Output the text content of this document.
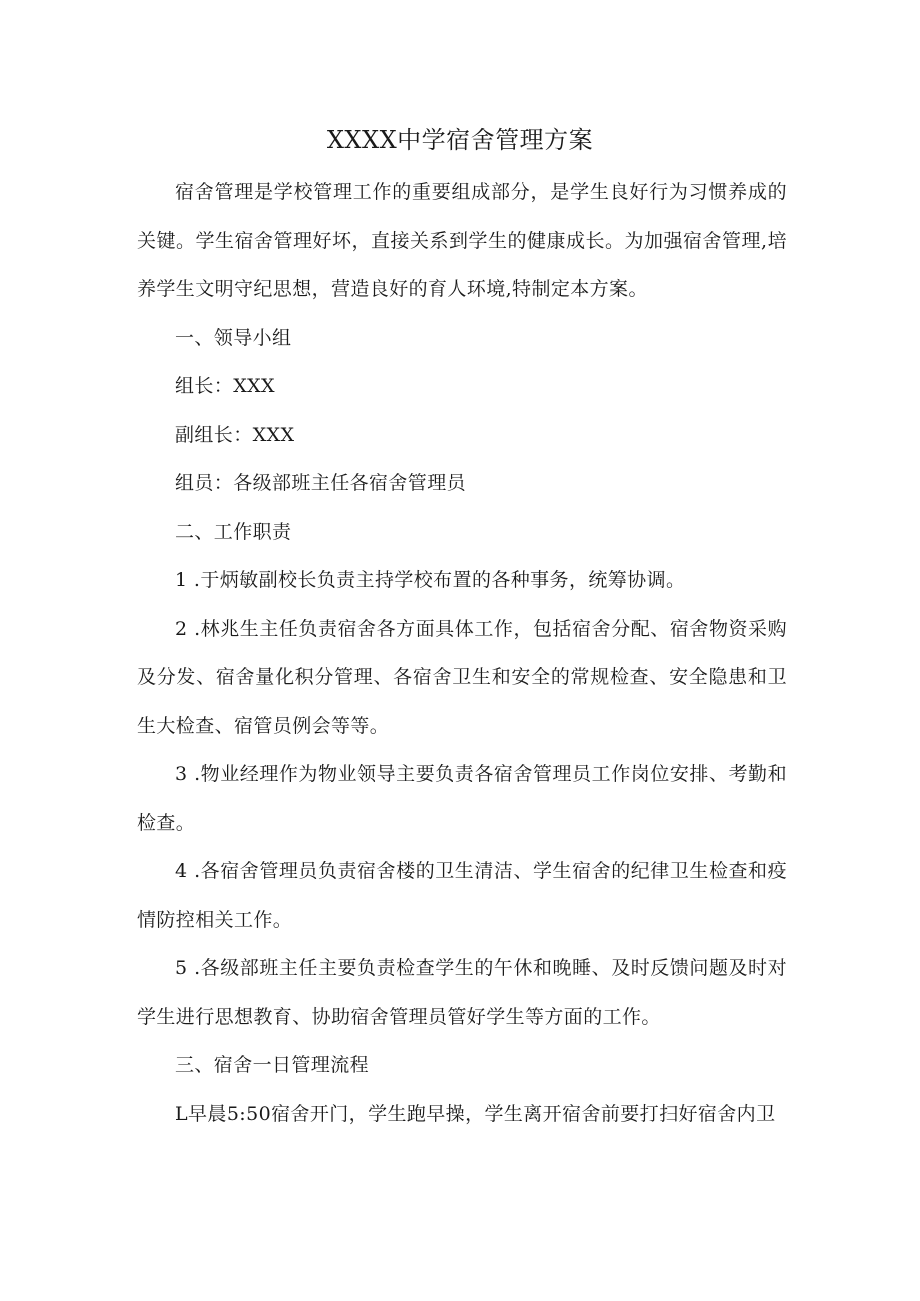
XXXX中学宿舍管理方案

宿舍管理是学校管理工作的重要组成部分，是学生良好行为习惯养成的关键。学生宿舍管理好坏，直接关系到学生的健康成长。为加强宿舍管理,培养学生文明守纪思想，营造良好的育人环境,特制定本方案。

一、领导小组

组长：XXX

副组长：XXX

组员：各级部班主任各宿舍管理员

二、工作职责

1 .于炳敏副校长负责主持学校布置的各种事务，统筹协调。

2 .林兆生主任负责宿舍各方面具体工作，包括宿舍分配、宿舍物资采购及分发、宿舍量化积分管理、各宿舍卫生和安全的常规检查、安全隐患和卫生大检查、宿管员例会等等。

3 .物业经理作为物业领导主要负责各宿舍管理员工作岗位安排、考勤和检查。

4 .各宿舍管理员负责宿舍楼的卫生清洁、学生宿舍的纪律卫生检查和疫情防控相关工作。

5 .各级部班主任主要负责检查学生的午休和晚睡、及时反馈问题及时对学生进行思想教育、协助宿舍管理员管好学生等方面的工作。

三、宿舍一日管理流程

L早晨5:50宿舍开门，学生跑早操，学生离开宿舍前要打扫好宿舍内卫
